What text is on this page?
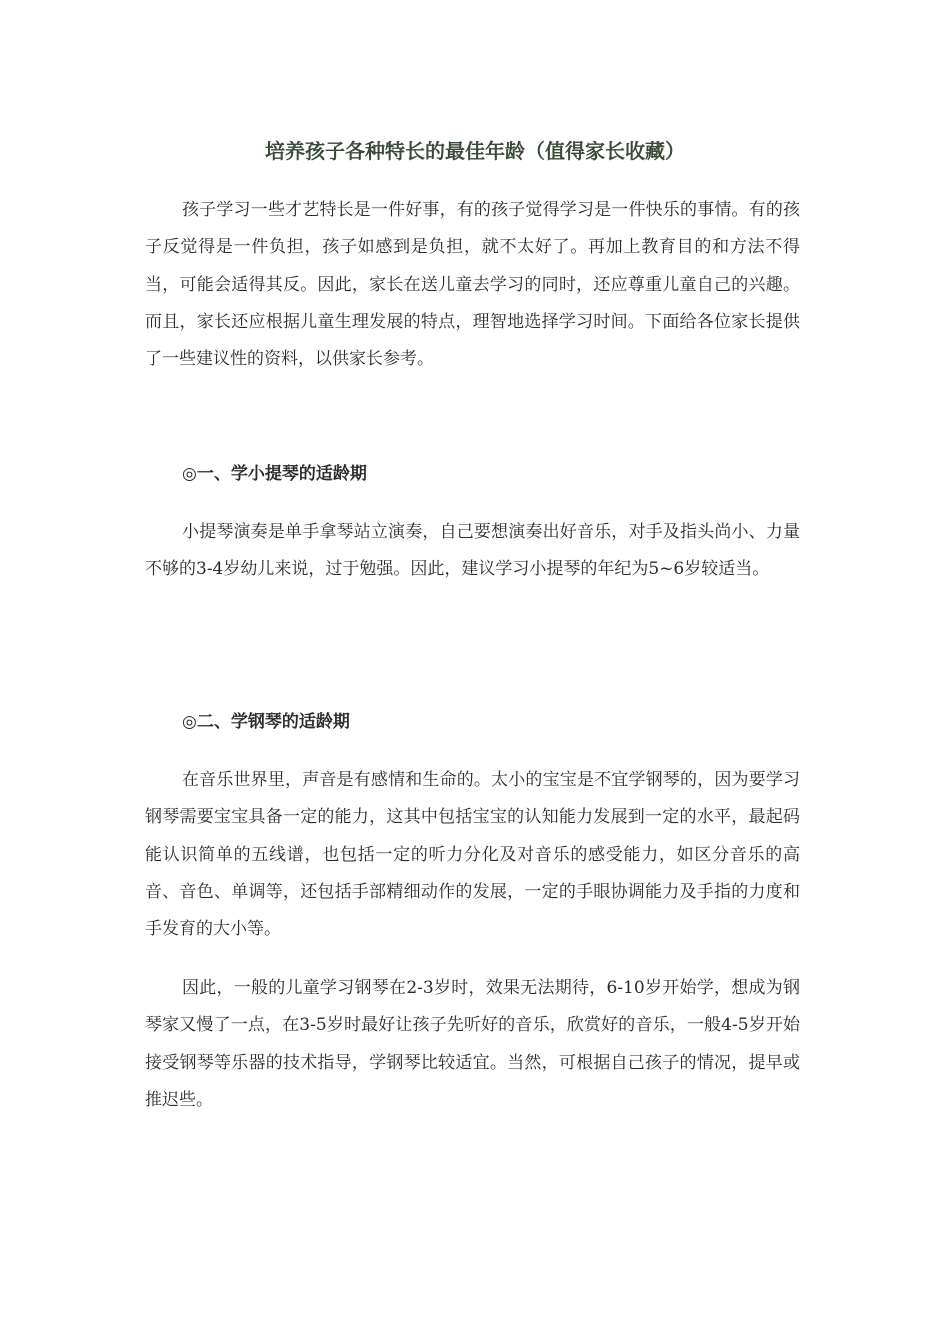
培养孩子各种特长的最佳年龄（值得家长收藏）

孩子学习一些才艺特长是一件好事，有的孩子觉得学习是一件快乐的事情。有的孩子反觉得是一件负担，孩子如感到是负担，就不太好了。再加上教育目的和方法不得当，可能会适得其反。因此，家长在送儿童去学习的同时，还应尊重儿童自己的兴趣。而且，家长还应根据儿童生理发展的特点，理智地选择学习时间。下面给各位家长提供了一些建议性的资料，以供家长参考。

◎一、学小提琴的适龄期

小提琴演奏是单手拿琴站立演奏，自己要想演奏出好音乐，对手及指头尚小、力量不够的3-4岁幼儿来说，过于勉强。因此，建议学习小提琴的年纪为5~6岁较适当。

◎二、学钢琴的适龄期

在音乐世界里，声音是有感情和生命的。太小的宝宝是不宜学钢琴的，因为要学习钢琴需要宝宝具备一定的能力，这其中包括宝宝的认知能力发展到一定的水平，最起码能认识简单的五线谱，也包括一定的听力分化及对音乐的感受能力，如区分音乐的高音、音色、单调等，还包括手部精细动作的发展，一定的手眼协调能力及手指的力度和手发育的大小等。

因此，一般的儿童学习钢琴在2-3岁时，效果无法期待，6-10岁开始学，想成为钢琴家又慢了一点，在3-5岁时最好让孩子先听好的音乐，欣赏好的音乐，一般4-5岁开始接受钢琴等乐器的技术指导，学钢琴比较适宜。当然，可根据自己孩子的情况，提早或推迟些。
